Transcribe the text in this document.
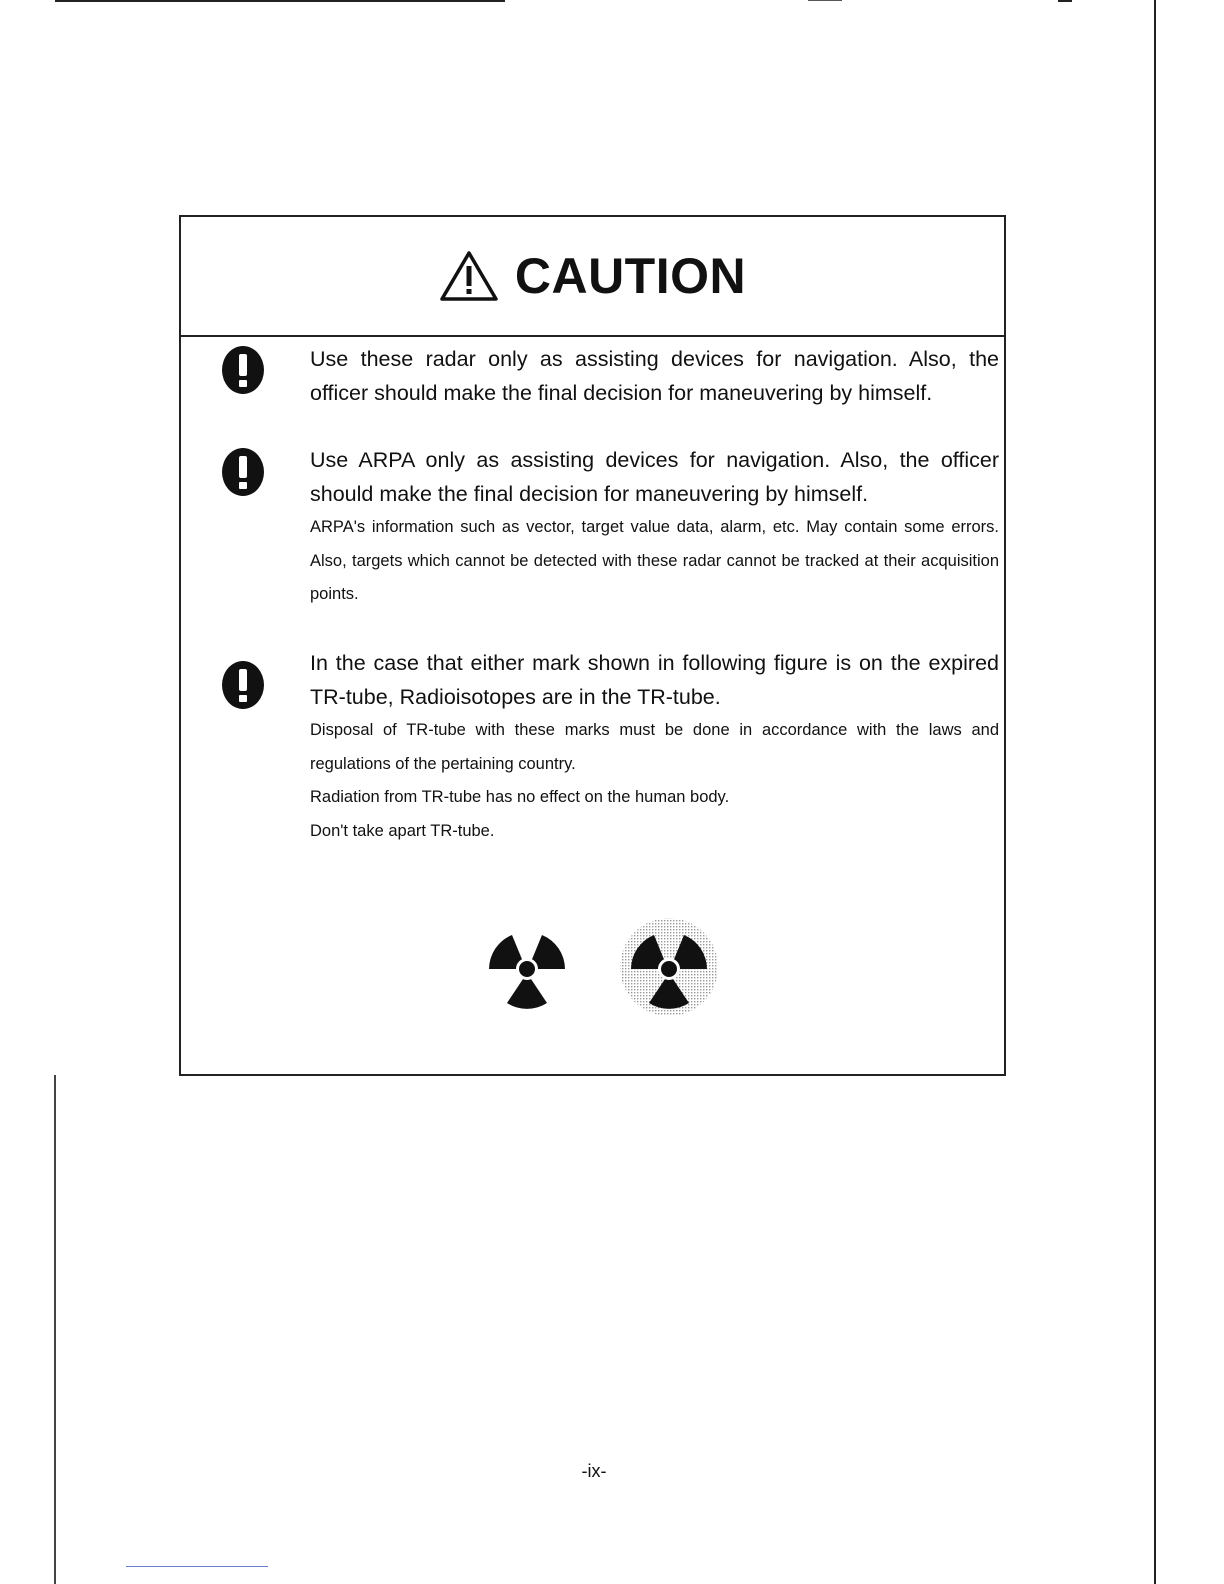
CAUTION

Use these radar only as assisting devices for navigation. Also, the officer should make the final decision for maneuvering by himself.

Use ARPA only as assisting devices for navigation. Also, the officer should make the final decision for maneuvering by himself.

ARPA's information such as vector, target value data, alarm, etc. May contain some errors. Also, targets which cannot be detected with these radar cannot be tracked at their acquisition points.

In the case that either mark shown in following figure is on the expired TR-tube, Radioisotopes are in the TR-tube.

Disposal of TR-tube with these marks must be done in accordance with the laws and regulations of the pertaining country.

Radiation from TR-tube has no effect on the human body.

Don't take apart TR-tube.

-ix-
